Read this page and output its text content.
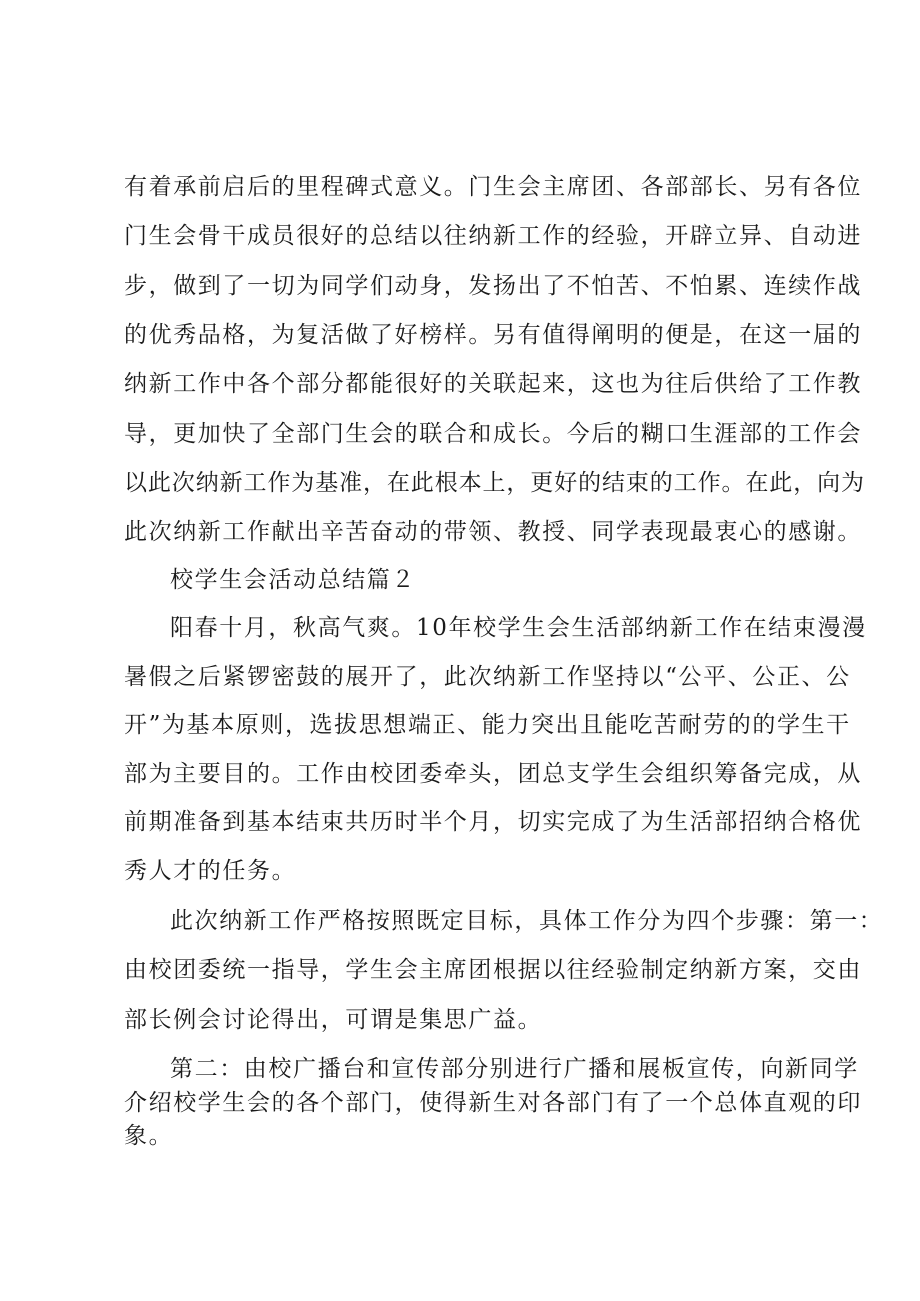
有着承前启后的里程碑式意义。门生会主席团、各部部长、另有各位
门生会骨干成员很好的总结以往纳新工作的经验，开辟立异、自动进
步，做到了一切为同学们动身，发扬出了不怕苦、不怕累、连续作战
的优秀品格，为复活做了好榜样。另有值得阐明的便是，在这一届的
纳新工作中各个部分都能很好的关联起来，这也为往后供给了工作教
导，更加快了全部门生会的联合和成长。今后的糊口生涯部的工作会
以此次纳新工作为基准，在此根本上，更好的结束的工作。在此，向为
此次纳新工作献出辛苦奋动的带领、教授、同学表现最衷心的感谢。
校学生会活动总结篇２
阳春十月，秋高气爽。10年校学生会生活部纳新工作在结束漫漫
暑假之后紧锣密鼓的展开了，此次纳新工作坚持以“公平、公正、公
开”为基本原则，选拔思想端正、能力突出且能吃苦耐劳的的学生干
部为主要目的。工作由校团委牵头，团总支学生会组织筹备完成，从
前期准备到基本结束共历时半个月，切实完成了为生活部招纳合格优
秀人才的任务。
此次纳新工作严格按照既定目标，具体工作分为四个步骤：第一：
由校团委统一指导，学生会主席团根据以往经验制定纳新方案，交由
部长例会讨论得出，可谓是集思广益。
第二：由校广播台和宣传部分别进行广播和展板宣传，向新同学
介绍校学生会的各个部门，使得新生对各部门有了一个总体直观的印
象。
